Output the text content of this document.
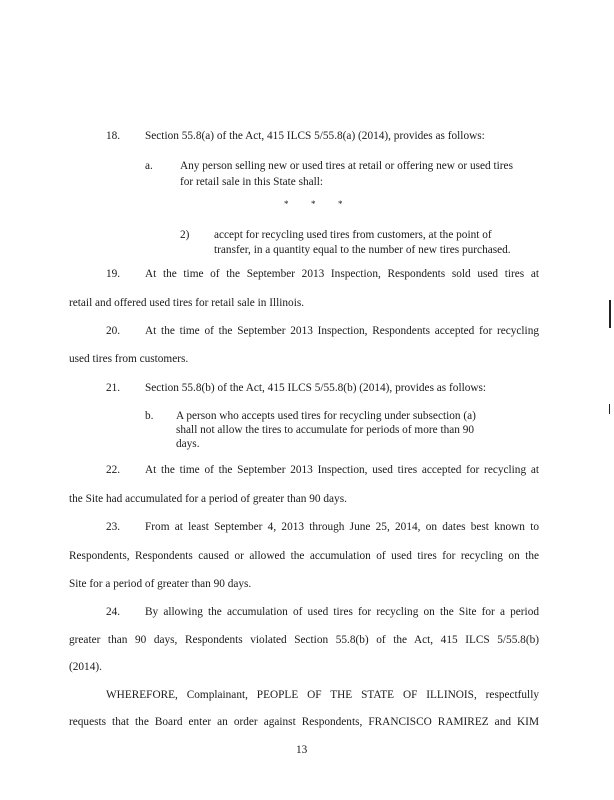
18. Section 55.8(a) of the Act, 415 ILCS 5/55.8(a) (2014), provides as follows:
a. Any person selling new or used tires at retail or offering new or used tires
for retail sale in this State shall:
*          *          *
2) accept for recycling used tires from customers, at the point of
transfer, in a quantity equal to the number of new tires purchased.
19. At the time of the September 2013 Inspection, Respondents sold used tires at
retail and offered used tires for retail sale in Illinois.
20. At the time of the September 2013 Inspection, Respondents accepted for recycling
used tires from customers.
21. Section 55.8(b) of the Act, 415 ILCS 5/55.8(b) (2014), provides as follows:
b. A person who accepts used tires for recycling under subsection (a)
shall not allow the tires to accumulate for periods of more than 90
days.
22. At the time of the September 2013 Inspection, used tires accepted for recycling at
the Site had accumulated for a period of greater than 90 days.
23. From at least September 4, 2013 through June 25, 2014, on dates best known to
Respondents, Respondents caused or allowed the accumulation of used tires for recycling on the
Site for a period of greater than 90 days.
24. By allowing the accumulation of used tires for recycling on the Site for a period
greater than 90 days, Respondents violated Section 55.8(b) of the Act, 415 ILCS 5/55.8(b)
(2014).
WHEREFORE, Complainant, PEOPLE OF THE STATE OF ILLINOIS, respectfully
requests that the Board enter an order against Respondents, FRANCISCO RAMIREZ and KIM
13
